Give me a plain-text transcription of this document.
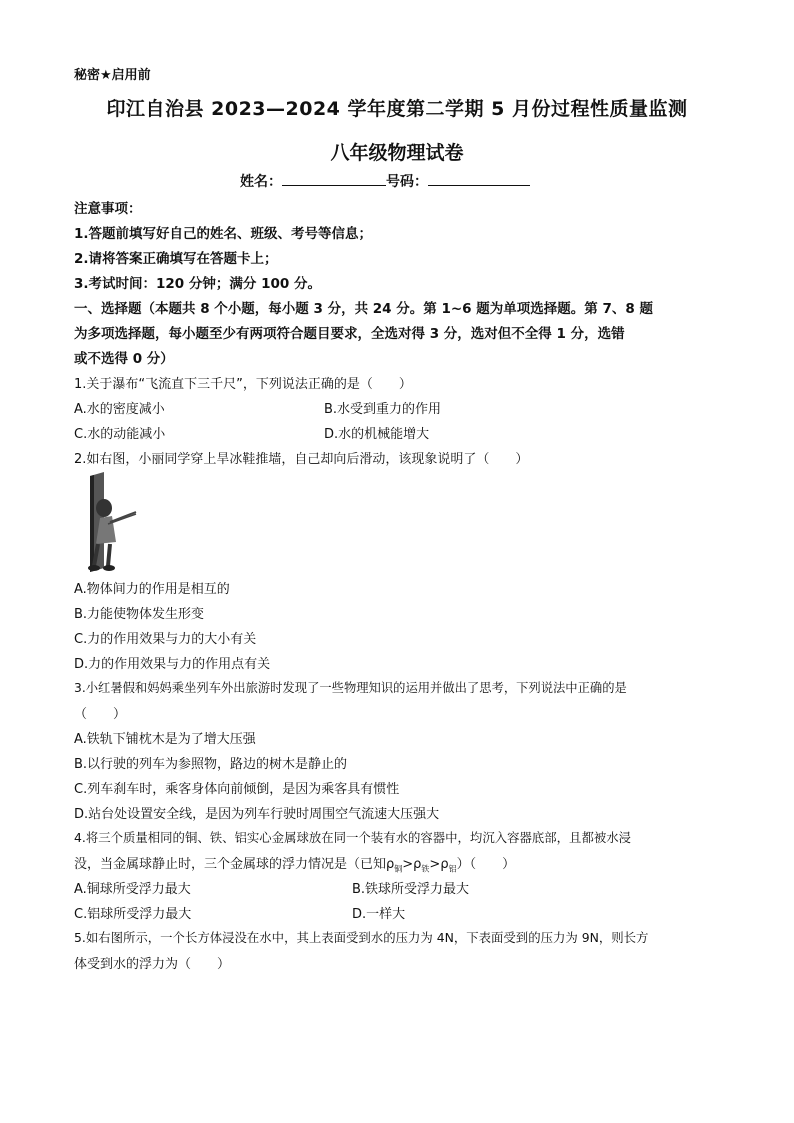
秘密★启用前
印江自治县 2023—2024 学年度第二学期 5 月份过程性质量监测
八年级物理试卷
姓名：	号码：
注意事项：
1.答题前填写好自己的姓名、班级、考号等信息；
2.请将答案正确填写在答题卡上；
3.考试时间：120 分钟；满分 100 分。
一、选择题（本题共 8 个小题，每小题 3 分，共 24 分。第 1~6 题为单项选择题。第 7、8 题
为多项选择题，每小题至少有两项符合题目要求，全选对得 3 分，选对但不全得 1 分，选错
或不选得 0 分）
1.关于瀑布“飞流直下三千尺”，下列说法正确的是（　　）
A.水的密度减小	B.水受到重力的作用
C.水的动能减小	D.水的机械能增大
2.如右图，小丽同学穿上旱冰鞋推墙，自己却向后滑动，该现象说明了（　　）
A.物体间力的作用是相互的
B.力能使物体发生形变
C.力的作用效果与力的大小有关
D.力的作用效果与力的作用点有关
3.小红暑假和妈妈乘坐列车外出旅游时发现了一些物理知识的运用并做出了思考，下列说法中正确的是
（　　）
A.铁轨下铺枕木是为了增大压强
B.以行驶的列车为参照物，路边的树木是静止的
C.列车刹车时，乘客身体向前倾倒，是因为乘客具有惯性
D.站台处设置安全线，是因为列车行驶时周围空气流速大压强大
4.将三个质量相同的铜、铁、铝实心金属球放在同一个装有水的容器中，均沉入容器底部，且都被水浸
没，当金属球静止时，三个金属球的浮力情况是（已知$\rho_铜>\rho_铁>\rho_铝$）（　　）
A.铜球所受浮力最大	B.铁球所受浮力最大
C.铝球所受浮力最大	D.一样大
5.如右图所示，一个长方体浸没在水中，其上表面受到水的压力为 4N，下表面受到的压力为 9N，则长方
体受到水的浮力为（　　）
